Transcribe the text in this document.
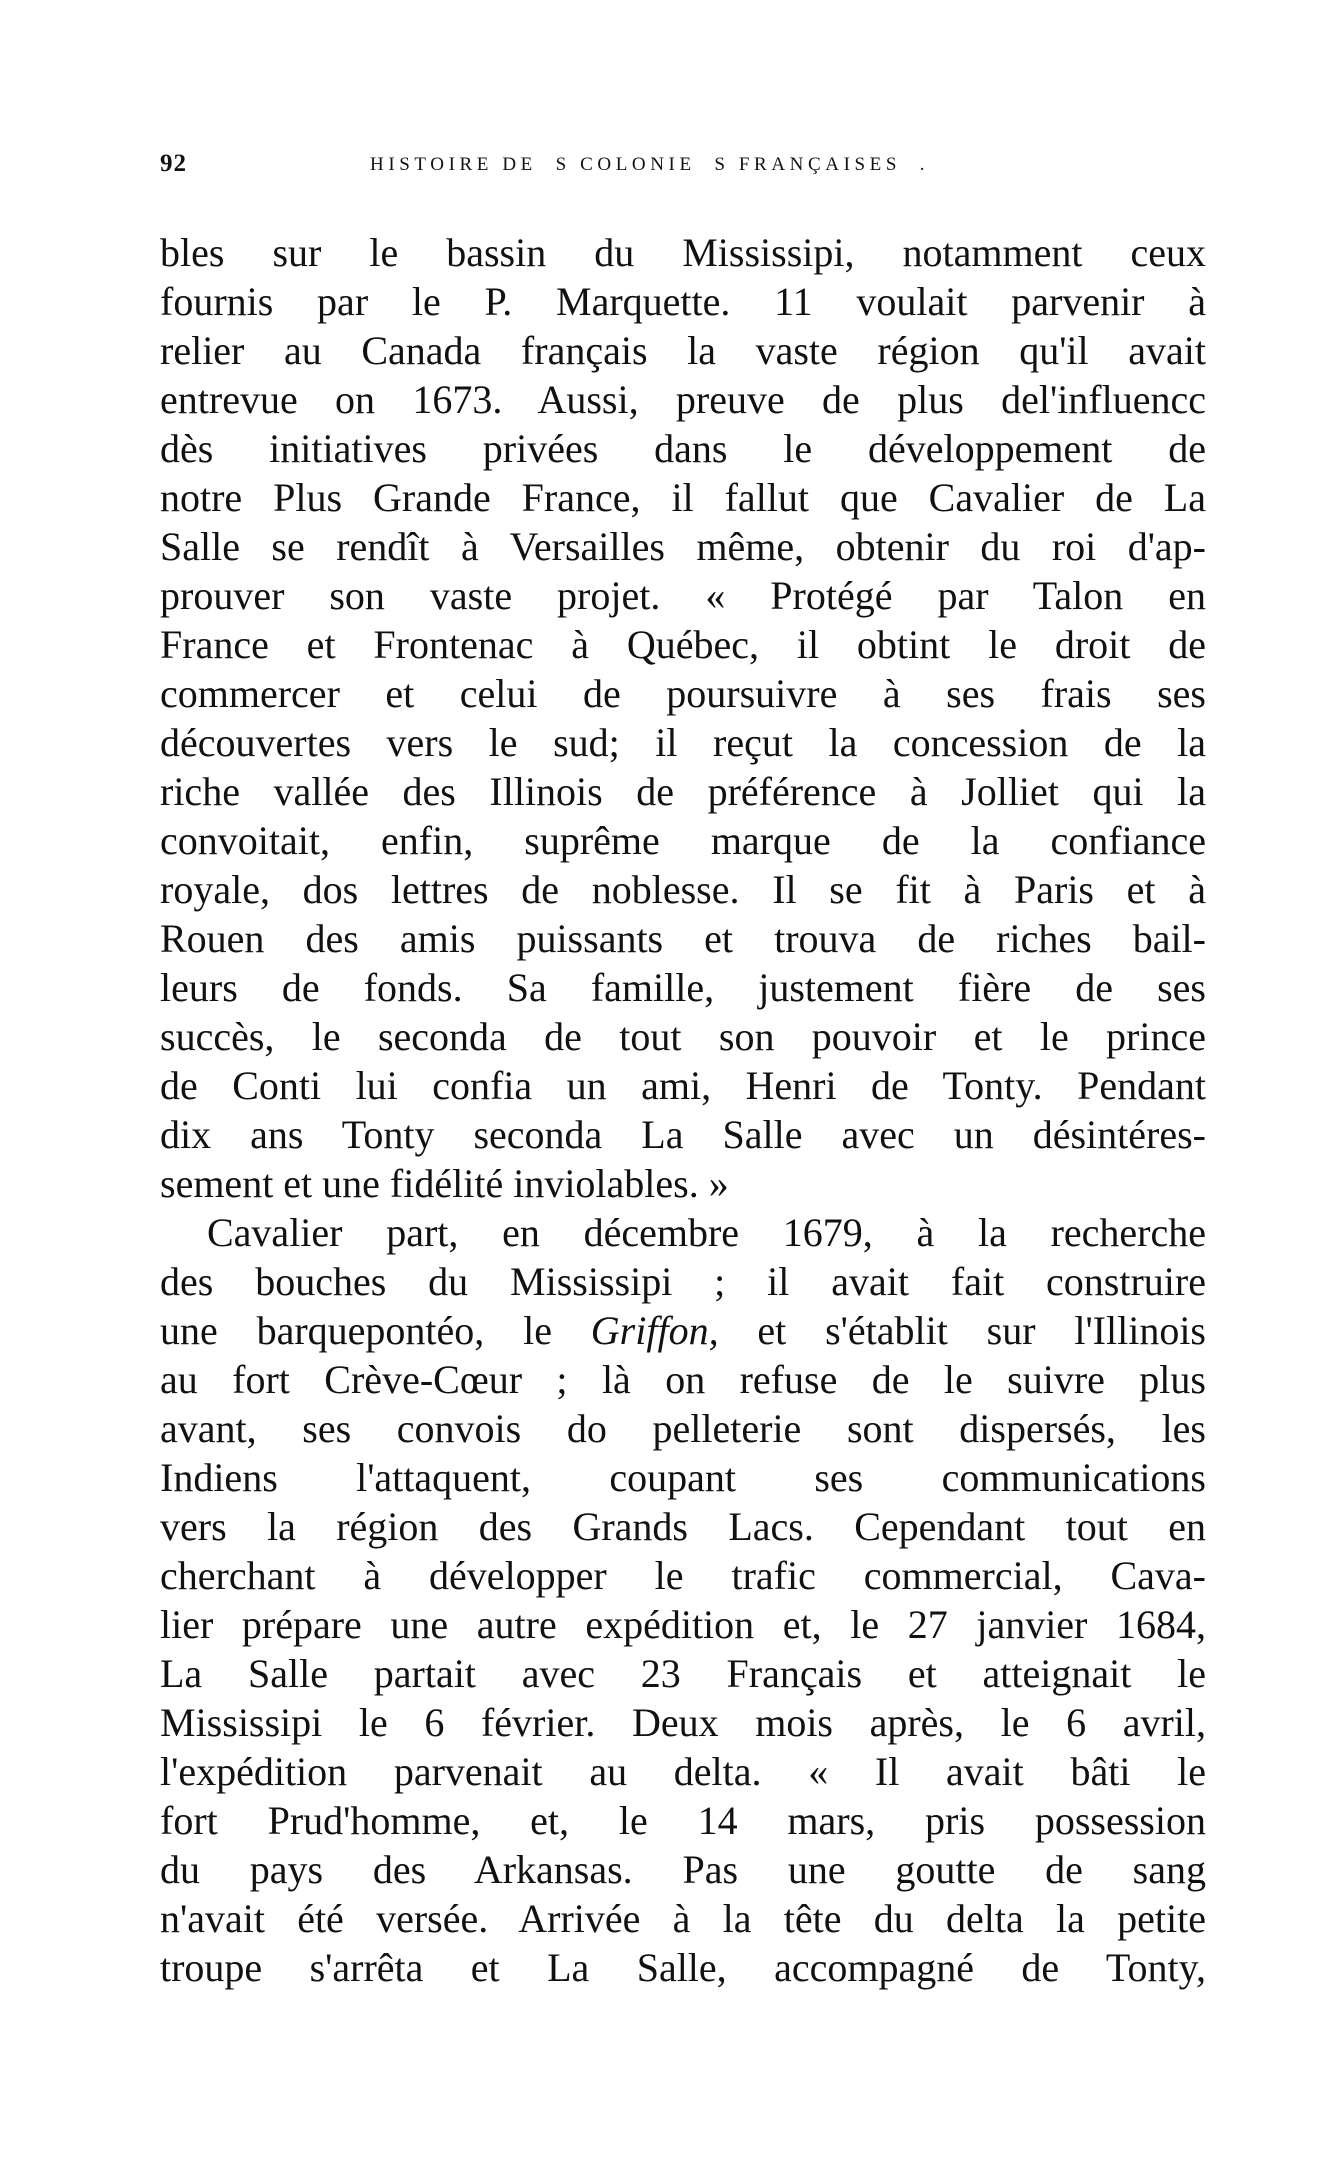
92	HISTOIRE DE  S COLONIE  S FRANÇAISES  .
bles sur le bassin du Mississipi, notamment ceux
fournis par le P. Marquette. 11 voulait parvenir à
relier au Canada français la vaste région qu'il avait
entrevue on 1673. Aussi, preuve de plus del'influencc
dès initiatives privées dans le développement de
notre Plus Grande France, il fallut que Cavalier de La
Salle se rendît à Versailles même, obtenir du roi d'ap-
prouver son vaste projet. « Protégé par Talon en
France et Frontenac à Québec, il obtint le droit de
commercer et celui de poursuivre à ses frais ses
découvertes vers le sud; il reçut la concession de la
riche vallée des Illinois de préférence à Jolliet qui la
convoitait, enfin, suprême marque de la confiance
royale, dos lettres de noblesse. Il se fit à Paris et à
Rouen des amis puissants et trouva de riches bail-
leurs de fonds. Sa famille, justement fière de ses
succès, le seconda de tout son pouvoir et le prince
de Conti lui confia un ami, Henri de Tonty. Pendant
dix ans Tonty seconda La Salle avec un désintéres-
sement et une fidélité inviolables. »
Cavalier part, en décembre 1679, à la recherche
des bouches du Mississipi ; il avait fait construire
une barquepontéo, le Griffon, et s'établit sur l'Illinois
au fort Crève-Cœur ; là on refuse de le suivre plus
avant, ses convois do pelleterie sont dispersés, les
Indiens l'attaquent, coupant ses communications
vers la région des Grands Lacs. Cependant tout en
cherchant à développer le trafic commercial, Cava-
lier prépare une autre expédition et, le 27 janvier 1684,
La Salle partait avec 23 Français et atteignait le
Mississipi le 6 février. Deux mois après, le 6 avril,
l'expédition parvenait au delta. « Il avait bâti le
fort Prud'homme, et, le 14 mars, pris possession
du pays des Arkansas. Pas une goutte de sang
n'avait été versée. Arrivée à la tête du delta la petite
troupe s'arrêta et La Salle, accompagné de Tonty,
